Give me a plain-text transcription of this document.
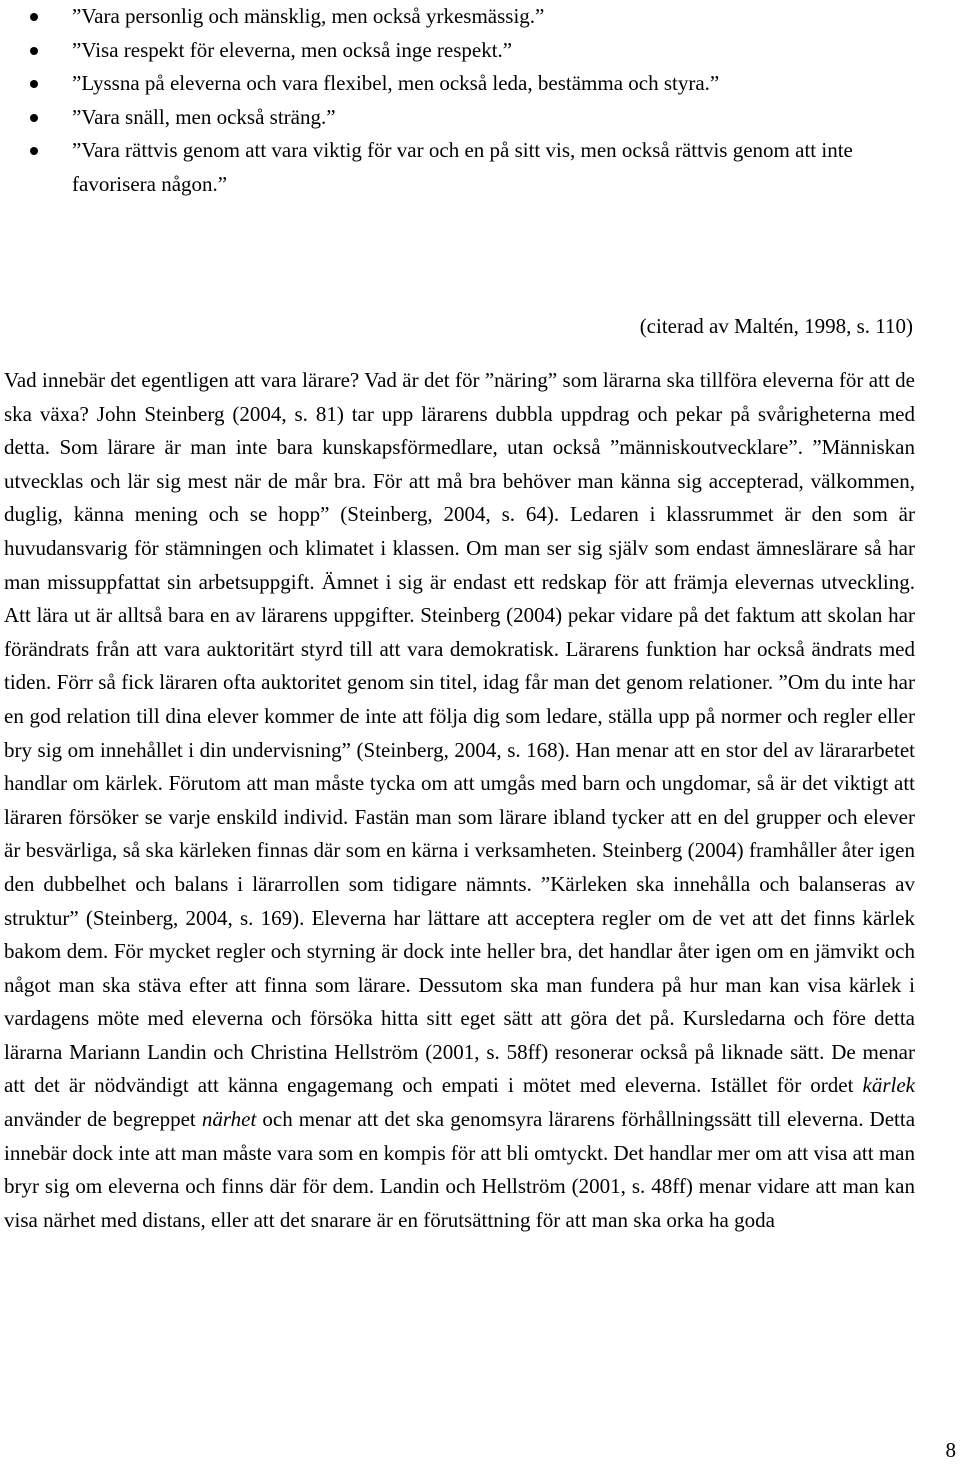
”Vara personlig och mänsklig, men också yrkesmässig.”
”Visa respekt för eleverna, men också inge respekt.”
”Lyssna på eleverna och vara flexibel, men också leda, bestämma och styra.”
”Vara snäll, men också sträng.”
”Vara rättvis genom att vara viktig för var och en på sitt vis, men också rättvis genom att inte favorisera någon.”
(citerad av Maltén, 1998, s. 110)

Vad innebär det egentligen att vara lärare? Vad är det för ”näring” som lärarna ska tillföra eleverna för att de ska växa? John Steinberg (2004, s. 81) tar upp lärarens dubbla uppdrag och pekar på svårigheterna med detta. Som lärare är man inte bara kunskapsförmedlare, utan också ”människoutvecklare”. ”Människan utvecklas och lär sig mest när de mår bra. För att må bra behöver man känna sig accepterad, välkommen, duglig, känna mening och se hopp” (Steinberg, 2004, s. 64). Ledaren i klassrummet är den som är huvudansvarig för stämningen och klimatet i klassen. Om man ser sig själv som endast ämneslärare så har man missuppfattat sin arbetsuppgift. Ämnet i sig är endast ett redskap för att främja elevernas utveckling. Att lära ut är alltså bara en av lärarens uppgifter. Steinberg (2004) pekar vidare på det faktum att skolan har förändrats från att vara auktoritärt styrd till att vara demokratisk. Lärarens funktion har också ändrats med tiden. Förr så fick läraren ofta auktoritet genom sin titel, idag får man det genom relationer. ”Om du inte har en god relation till dina elever kommer de inte att följa dig som ledare, ställa upp på normer och regler eller bry sig om innehållet i din undervisning” (Steinberg, 2004, s. 168). Han menar att en stor del av lärararbetet handlar om kärlek. Förutom att man måste tycka om att umgås med barn och ungdomar, så är det viktigt att läraren försöker se varje enskild individ. Fastän man som lärare ibland tycker att en del grupper och elever är besvärliga, så ska kärleken finnas där som en kärna i verksamheten. Steinberg (2004) framhåller åter igen den dubbelhet och balans i lärarrollen som tidigare nämnts. ”Kärleken ska innehålla och balanseras av struktur” (Steinberg, 2004, s. 169). Eleverna har lättare att acceptera regler om de vet att det finns kärlek bakom dem. För mycket regler och styrning är dock inte heller bra, det handlar åter igen om en jämvikt och något man ska stäva efter att finna som lärare. Dessutom ska man fundera på hur man kan visa kärlek i vardagens möte med eleverna och försöka hitta sitt eget sätt att göra det på. Kursledarna och före detta lärarna Mariann Landin och Christina Hellström (2001, s. 58ff) resonerar också på liknade sätt. De menar att det är nödvändigt att känna engagemang och empati i mötet med eleverna. Istället för ordet kärlek använder de begreppet närhet och menar att det ska genomsyra lärarens förhållningssätt till eleverna. Detta innebär dock inte att man måste vara som en kompis för att bli omtyckt. Det handlar mer om att visa att man bryr sig om eleverna och finns där för dem. Landin och Hellström (2001, s. 48ff) menar vidare att man kan visa närhet med distans, eller att det snarare är en förutsättning för att man ska orka ha goda

8
